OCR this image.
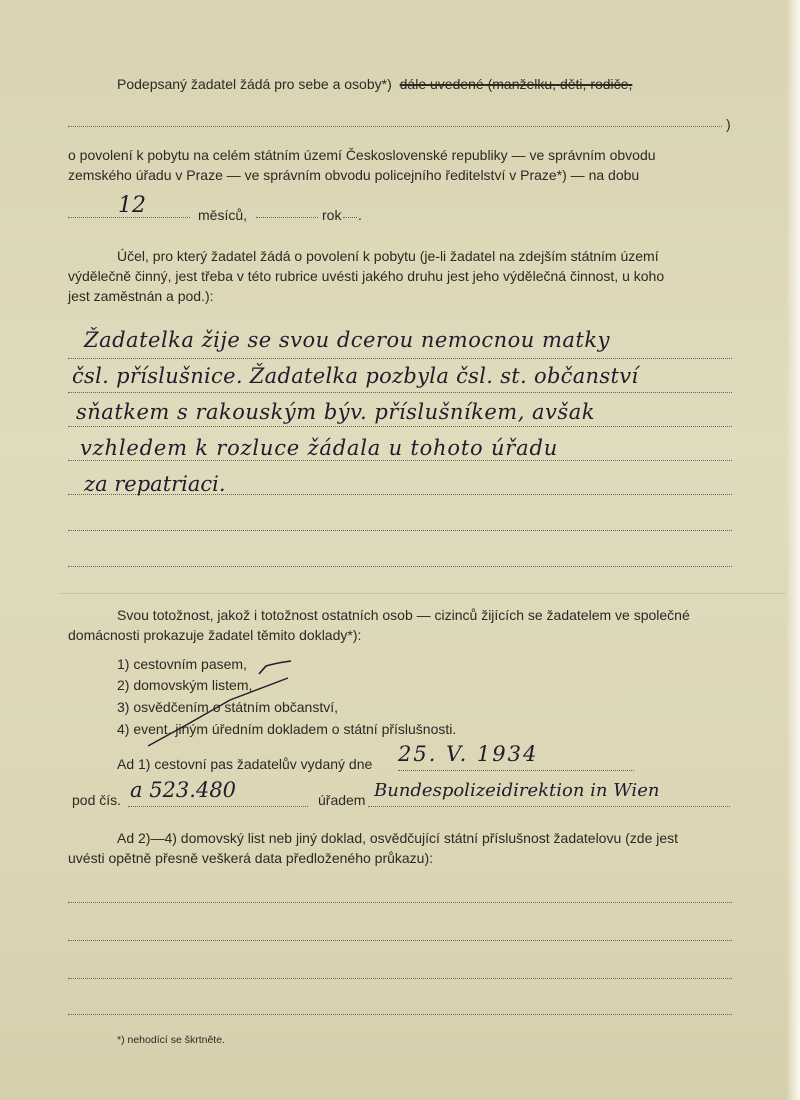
Podepsaný žadatel žádá pro sebe a osoby*) dále uvedené (manželku, děti, rodiče,
)
o povolení k pobytu na celém státním území Československé republiky — ve správním obvodu
zemského úřadu v Praze — ve správním obvodu policejního ředitelství v Praze*) — na dobu
12	měsíců,	rok .
Účel, pro který žadatel žádá o povolení k pobytu (je-li žadatel na zdejším státním území
výdělečně činný, jest třeba v této rubrice uvésti jakého druhu jest jeho výdělečná činnost, u koho
jest zaměstnán a pod.):
Žadatelka žije se svou dcerou nemocnou matky
čsl. příslušnice. Žadatelka pozbyla čsl. st. občanství
sňatkem s rakouským býv. příslušníkem, avšak
vzhledem k rozluce žádala u tohoto úřadu
za repatriaci.
Svou totožnost, jakož i totožnost ostatních osob — cizinců žijících se žadatelem ve společné
domácnosti prokazuje žadatel těmito doklady*):
1) cestovním pasem,
2) domovským listem,
3) osvědčením o státním občanství,
4) event. jiným úředním dokladem o státní příslušnosti.
Ad 1) cestovní pas žadatelův vydaný dne 25. V. 1934
pod čís. a 523.480	úřadem Bundespolizeidirektion in Wien
Ad 2)—4) domovský list neb jiný doklad, osvědčující státní příslušnost žadatelovu (zde jest
uvésti opětně přesně veškerá data předloženého průkazu):
*) nehodící se škrtněte.
